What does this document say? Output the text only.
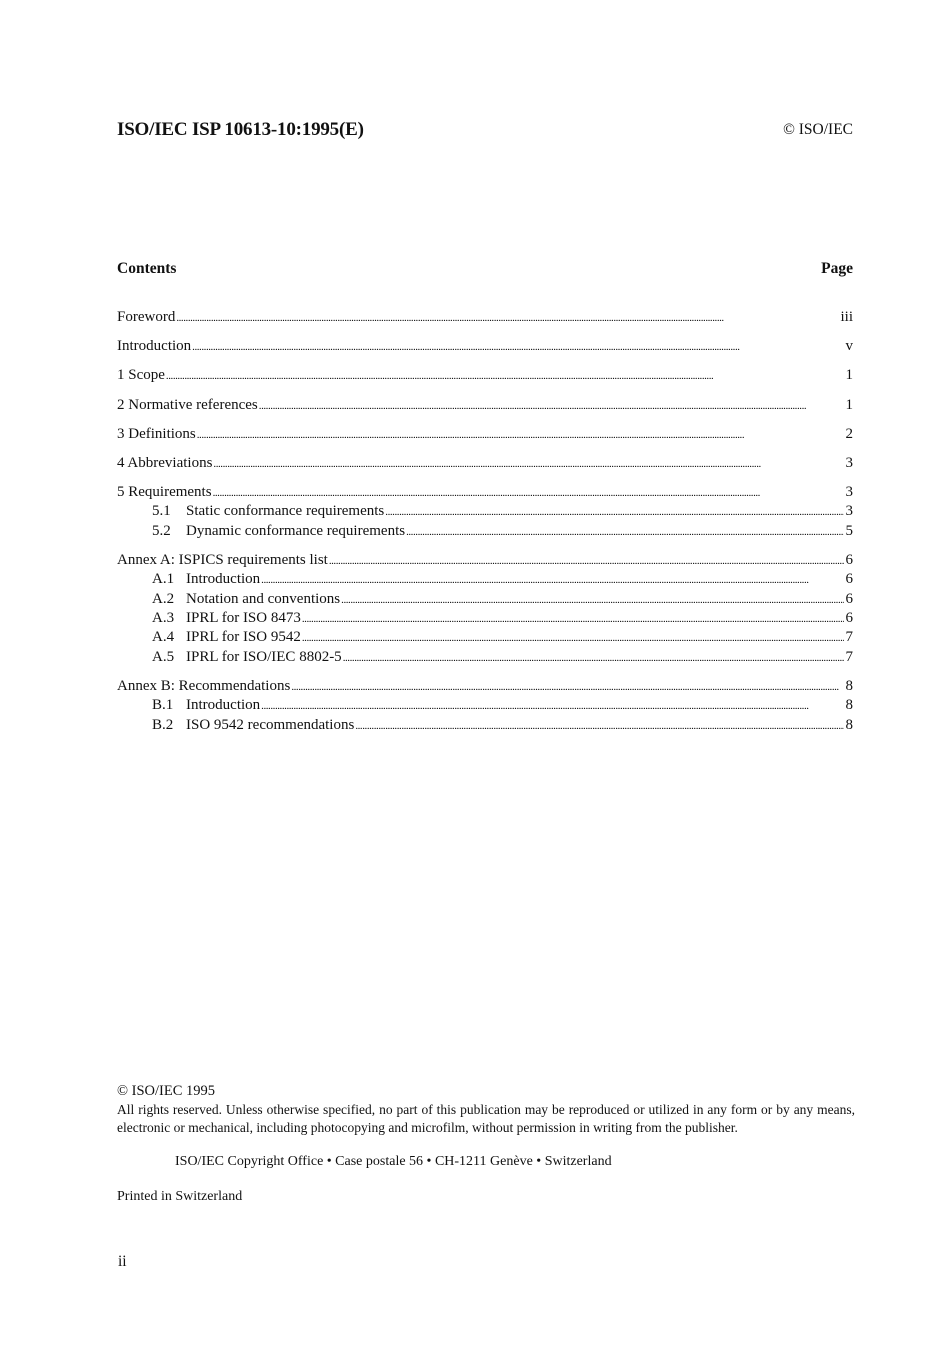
ISO/IEC ISP 10613-10:1995(E)	© ISO/IEC
Contents	Page
Foreword . . .	iii
Introduction . . .	v
1 Scope . . .	1
2 Normative references . . .	1
3 Definitions . . .	2
4 Abbreviations . . .	3
5 Requirements . . .	3
5.1	Static conformance requirements . . .	3
5.2	Dynamic conformance requirements . . .	5
Annex A: ISPICS requirements list . . .	6
A.1 Introduction . . .	6
A.2 Notation and conventions . . .	6
A.3 IPRL for ISO 8473 . . .	6
A.4 IPRL for ISO 9542 . . .	7
A.5 IPRL for ISO/IEC 8802-5 . . .	7
Annex B: Recommendations . . .	8
B.1 Introduction . . .	8
B.2 ISO 9542 recommendations . . .	8
© ISO/IEC 1995
All rights reserved. Unless otherwise specified, no part of this publication may be reproduced or utilized in any form or by any means, electronic or mechanical, including photocopying and microfilm, without permission in writing from the publisher.
ISO/IEC Copyright Office • Case postale 56 • CH-1211 Genève • Switzerland
Printed in Switzerland
ii
